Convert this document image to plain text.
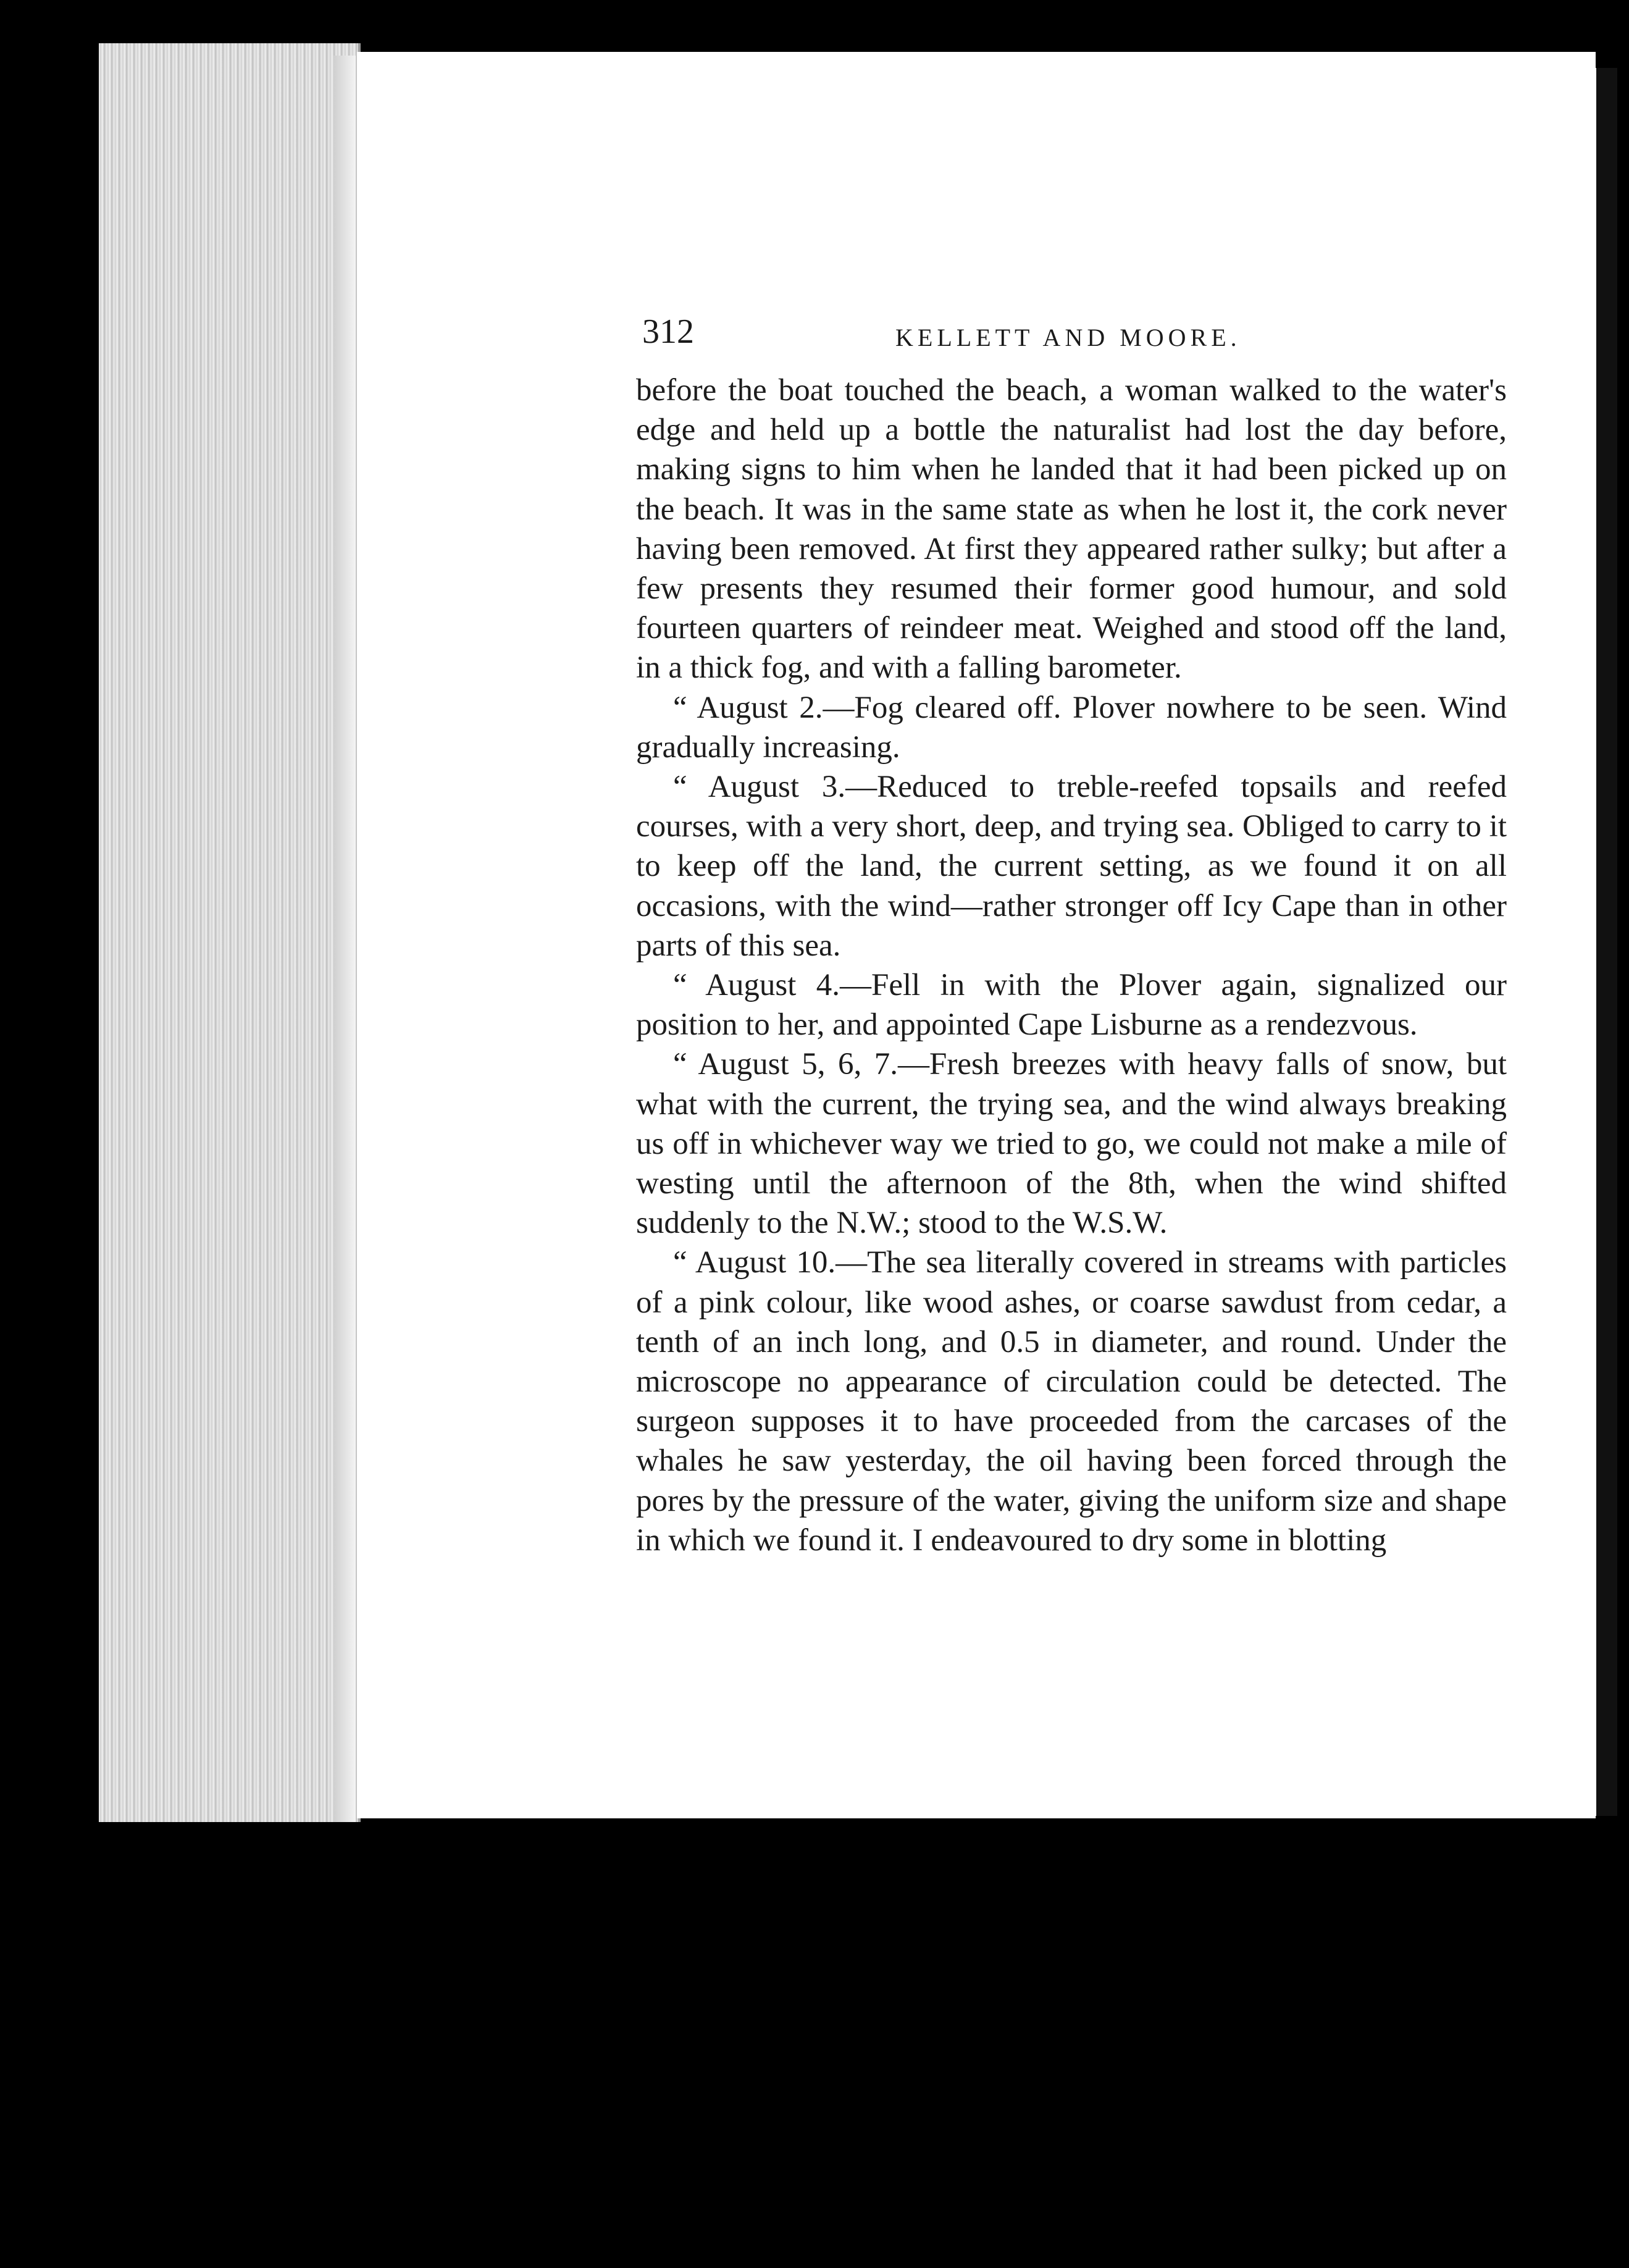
312	KELLETT AND MOORE.

before the boat touched the beach, a woman walked to the water's edge and held up a bottle the naturalist had lost the day before, making signs to him when he landed that it had been picked up on the beach. It was in the same state as when he lost it, the cork never having been removed. At first they appeared rather sulky; but after a few presents they resumed their former good humour, and sold fourteen quarters of reindeer meat. Weighed and stood off the land, in a thick fog, and with a falling barometer.

“ August 2.—Fog cleared off. Plover nowhere to be seen. Wind gradually increasing.

“ August 3.—Reduced to treble-reefed topsails and reefed courses, with a very short, deep, and trying sea. Obliged to carry to it to keep off the land, the current setting, as we found it on all occasions, with the wind—rather stronger off Icy Cape than in other parts of this sea.

“ August 4.—Fell in with the Plover again, signalized our position to her, and appointed Cape Lisburne as a rendezvous.

“ August 5, 6, 7.—Fresh breezes with heavy falls of snow, but what with the current, the trying sea, and the wind always breaking us off in whichever way we tried to go, we could not make a mile of westing until the afternoon of the 8th, when the wind shifted suddenly to the N.W.; stood to the W.S.W.

“ August 10.—The sea literally covered in streams with particles of a pink colour, like wood ashes, or coarse sawdust from cedar, a tenth of an inch long, and 0.5 in diameter, and round. Under the microscope no appearance of circulation could be detected. The surgeon supposes it to have proceeded from the carcases of the whales he saw yesterday, the oil having been forced through the pores by the pressure of the water, giving the uniform size and shape in which we found it. I endeavoured to dry some in blotting
